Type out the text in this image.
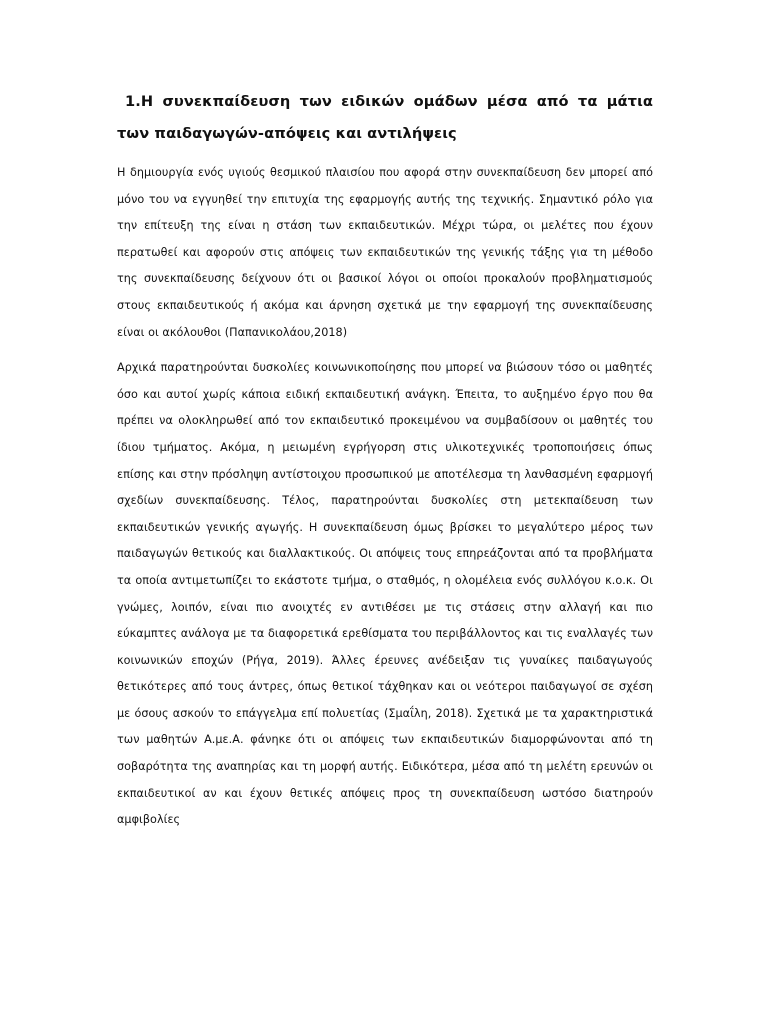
1.Η συνεκπαίδευση των ειδικών ομάδων μέσα από τα μάτια των παιδαγωγών-απόψεις και αντιλήψεις

Η δημιουργία ενός υγιούς θεσμικού πλαισίου που αφορά στην συνεκπαίδευση δεν μπορεί από μόνο του να εγγυηθεί την επιτυχία της εφαρμογής αυτής της τεχνικής. Σημαντικό ρόλο για την επίτευξη της είναι η στάση των εκπαιδευτικών. Μέχρι τώρα, οι μελέτες που έχουν περατωθεί και αφορούν στις απόψεις των εκπαιδευτικών της γενικής τάξης για τη μέθοδο της συνεκπαίδευσης δείχνουν ότι οι βασικοί λόγοι οι οποίοι προκαλούν προβληματισμούς στους εκπαιδευτικούς ή ακόμα και άρνηση σχετικά με την εφαρμογή της συνεκπαίδευσης είναι οι ακόλουθοι (Παπανικολάου,2018)

Αρχικά παρατηρούνται δυσκολίες κοινωνικοποίησης που μπορεί να βιώσουν τόσο οι μαθητές όσο και αυτοί χωρίς κάποια ειδική εκπαιδευτική ανάγκη. Έπειτα, το αυξημένο έργο που θα πρέπει να ολοκληρωθεί από τον εκπαιδευτικό προκειμένου να συμβαδίσουν οι μαθητές του ίδιου τμήματος. Ακόμα, η μειωμένη εγρήγορση στις υλικοτεχνικές τροποποιήσεις όπως επίσης και στην πρόσληψη αντίστοιχου προσωπικού με αποτέλεσμα τη λανθασμένη εφαρμογή σχεδίων συνεκπαίδευσης. Τέλος, παρατηρούνται δυσκολίες στη μετεκπαίδευση των εκπαιδευτικών γενικής αγωγής. Η συνεκπαίδευση όμως βρίσκει το μεγαλύτερο μέρος των παιδαγωγών θετικούς και διαλλακτικούς. Οι απόψεις τους επηρεάζονται από τα προβλήματα τα οποία αντιμετωπίζει το εκάστοτε τμήμα, ο σταθμός, η ολομέλεια ενός συλλόγου κ.ο.κ. Οι γνώμες, λοιπόν, είναι πιο ανοιχτές εν αντιθέσει με τις στάσεις στην αλλαγή και πιο εύκαμπτες ανάλογα με τα διαφορετικά ερεθίσματα του περιβάλλοντος και τις εναλλαγές των κοινωνικών εποχών (Ρήγα, 2019). Άλλες έρευνες ανέδειξαν τις γυναίκες παιδαγωγούς θετικότερες από τους άντρες, όπως θετικοί τάχθηκαν και οι νεότεροι παιδαγωγοί σε σχέση με όσους ασκούν το επάγγελμα επί πολυετίας (Σμαΐλη, 2018). Σχετικά με τα χαρακτηριστικά των μαθητών Α.με.Α. φάνηκε ότι οι απόψεις των εκπαιδευτικών διαμορφώνονται από τη σοβαρότητα της αναπηρίας και τη μορφή αυτής. Ειδικότερα, μέσα από τη μελέτη ερευνών οι εκπαιδευτικοί αν και έχουν θετικές απόψεις προς τη συνεκπαίδευση ωστόσο διατηρούν αμφιβολίες
